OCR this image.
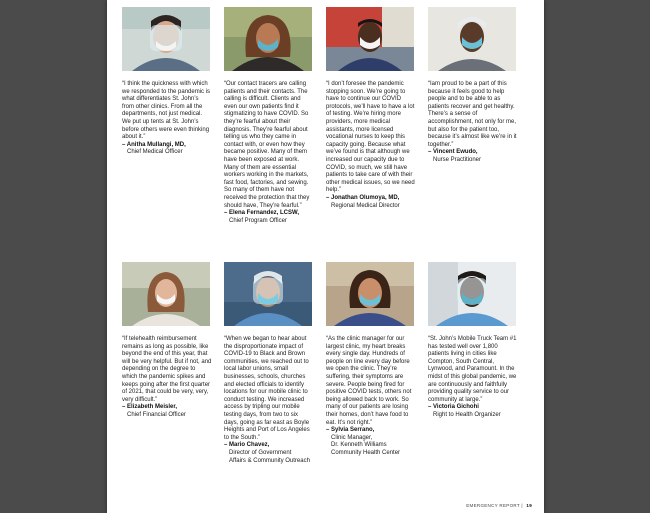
“I think the quickness with which we responded to the pandemic is what differentiates St. John’s from other clinics. From all the departments, not just medical. We put up tents at St. John’s before others were even thinking about it.”
– Anitha Mullangi, MD,
Chief Medical Officer
“Our contact tracers are calling patients and their contacts. The calling is difficult. Clients and even our own patients find it stigmatizing to have COVID. So they’re fearful about their diagnosis. They’re fearful about telling us who they came in contact with, or even how they became positive. Many of them have been exposed at work. Many of them are essential workers working in the markets, fast food, factories, and sewing. So many of them have not received the protection that they should have, They’re fearful.”
– Elena Fernandez, LCSW,
Chief Program Officer
“I don’t foresee the pandemic stopping soon. We’re going to have to continue our COVID protocols, we’ll have to have a lot of testing. We’re hiring more providers, more medical assistants, more licensed vocational nurses to keep this capacity going. Because what we’ve found is that although we increased our capacity due to COVID, so much, we still have patients to take care of with their other medical issues, so we need help.”
– Jonathan Olumoya, MD,
Regional Medical Director
“Iam proud to be a part of this because it feels good to help people and to be able to as patients recover and get healthy. There’s a sense of accomplishment, not only for me, but also for the patient too, because it’s almost like we’re in it together.”
– Vincent Ewudo,
Nurse Practitioner
“If telehealth reimbursement remains as long as possible, like beyond the end of this year, that will be very helpful. But if not, and depending on the degree to which the pandemic spikes and keeps going after the first quarter of 2021, that could be very, very, very difficult.”
– Elizabeth Meisler,
Chief Financial Officer
“When we began to hear about the disproportionate impact of COVID-19 to Black and Brown communities, we reached out to local labor unions, small businesses, schools, churches and elected officials to identify locations for our mobile clinic to conduct testing. We increased access by tripling our mobile testing days, from two to six days, going as far east as Boyle Heights and Port of Los Angeles to the South.”
– Mario Chavez,
Director of Government
Affairs & Community Outreach
“As the clinic manager for our largest clinic, my heart breaks every single day. Hundreds of people on line every day before we open the clinic. They’re suffering, their symptoms are severe. People being fired for positive COVID tests, others not being allowed back to work. So many of our patients are losing their homes, don’t have food to eat. It’s not right.”
– Sylvia Serrano,
Clinic Manager,
Dr. Kenneth Williams
Community Health Center
“St. John’s Mobile Truck Team #1 has tested well over 1,800 patients living in cities like Compton, South Central, Lynwood, and Paramount. In the midst of this global pandemic, we are continuously and faithfully providing quality service to our community at large.”
– Victoria Gichohi
Right to Health Organizer
EMERGENCY REPORT | 19
